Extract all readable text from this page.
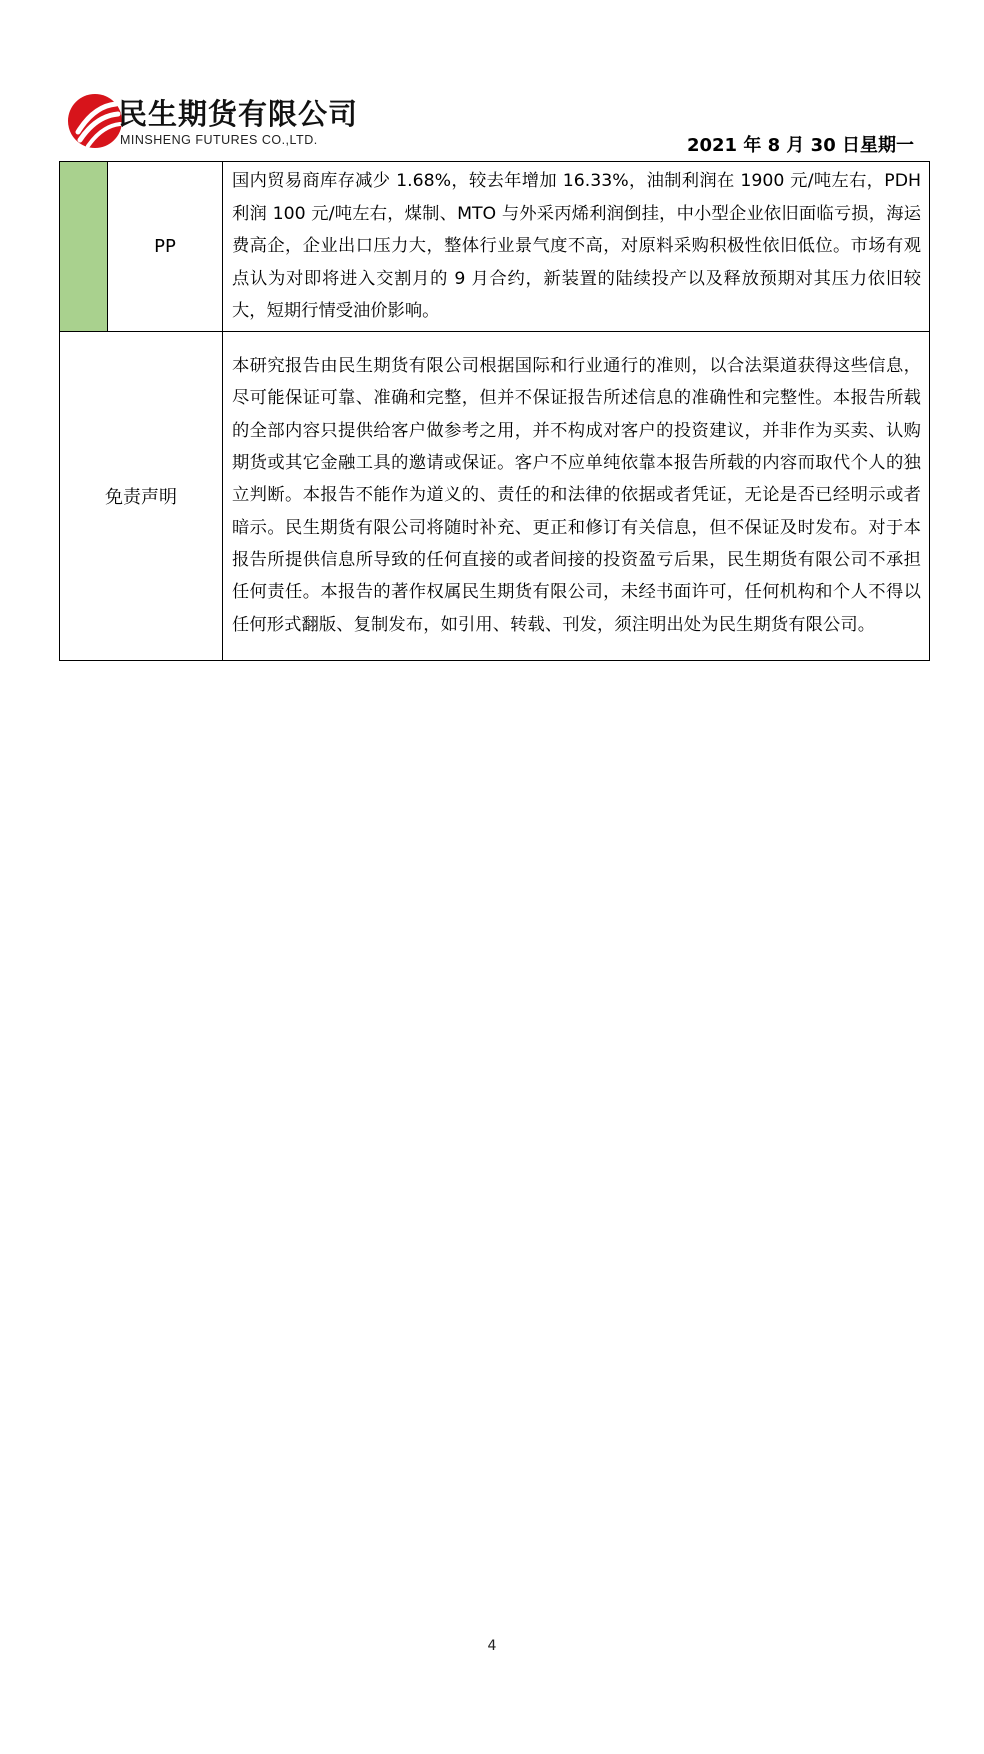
民生期货有限公司
MINSHENG FUTURES CO.,LTD.	2021 年 8 月 30 日星期一
	PP	国内贸易商库存减少 1.68%，较去年增加 16.33%，油制利润在 1900 元/吨左右，PDH 利润 100 元/吨左右，煤制、MTO 与外采丙烯利润倒挂，中小型企业依旧面临亏损，海运费高企，企业出口压力大，整体行业景气度不高，对原料采购积极性依旧低位。市场有观点认为对即将进入交割月的 9 月合约，新装置的陆续投产以及释放预期对其压力依旧较大，短期行情受油价影响。
免责声明		本研究报告由民生期货有限公司根据国际和行业通行的准则，以合法渠道获得这些信息，尽可能保证可靠、准确和完整，但并不保证报告所述信息的准确性和完整性。本报告所载的全部内容只提供给客户做参考之用，并不构成对客户的投资建议，并非作为买卖、认购期货或其它金融工具的邀请或保证。客户不应单纯依靠本报告所载的内容而取代个人的独立判断。本报告不能作为道义的、责任的和法律的依据或者凭证，无论是否已经明示或者暗示。民生期货有限公司将随时补充、更正和修订有关信息，但不保证及时发布。对于本报告所提供信息所导致的任何直接的或者间接的投资盈亏后果，民生期货有限公司不承担任何责任。本报告的著作权属民生期货有限公司，未经书面许可，任何机构和个人不得以任何形式翻版、复制发布，如引用、转载、刊发，须注明出处为民生期货有限公司。
4
